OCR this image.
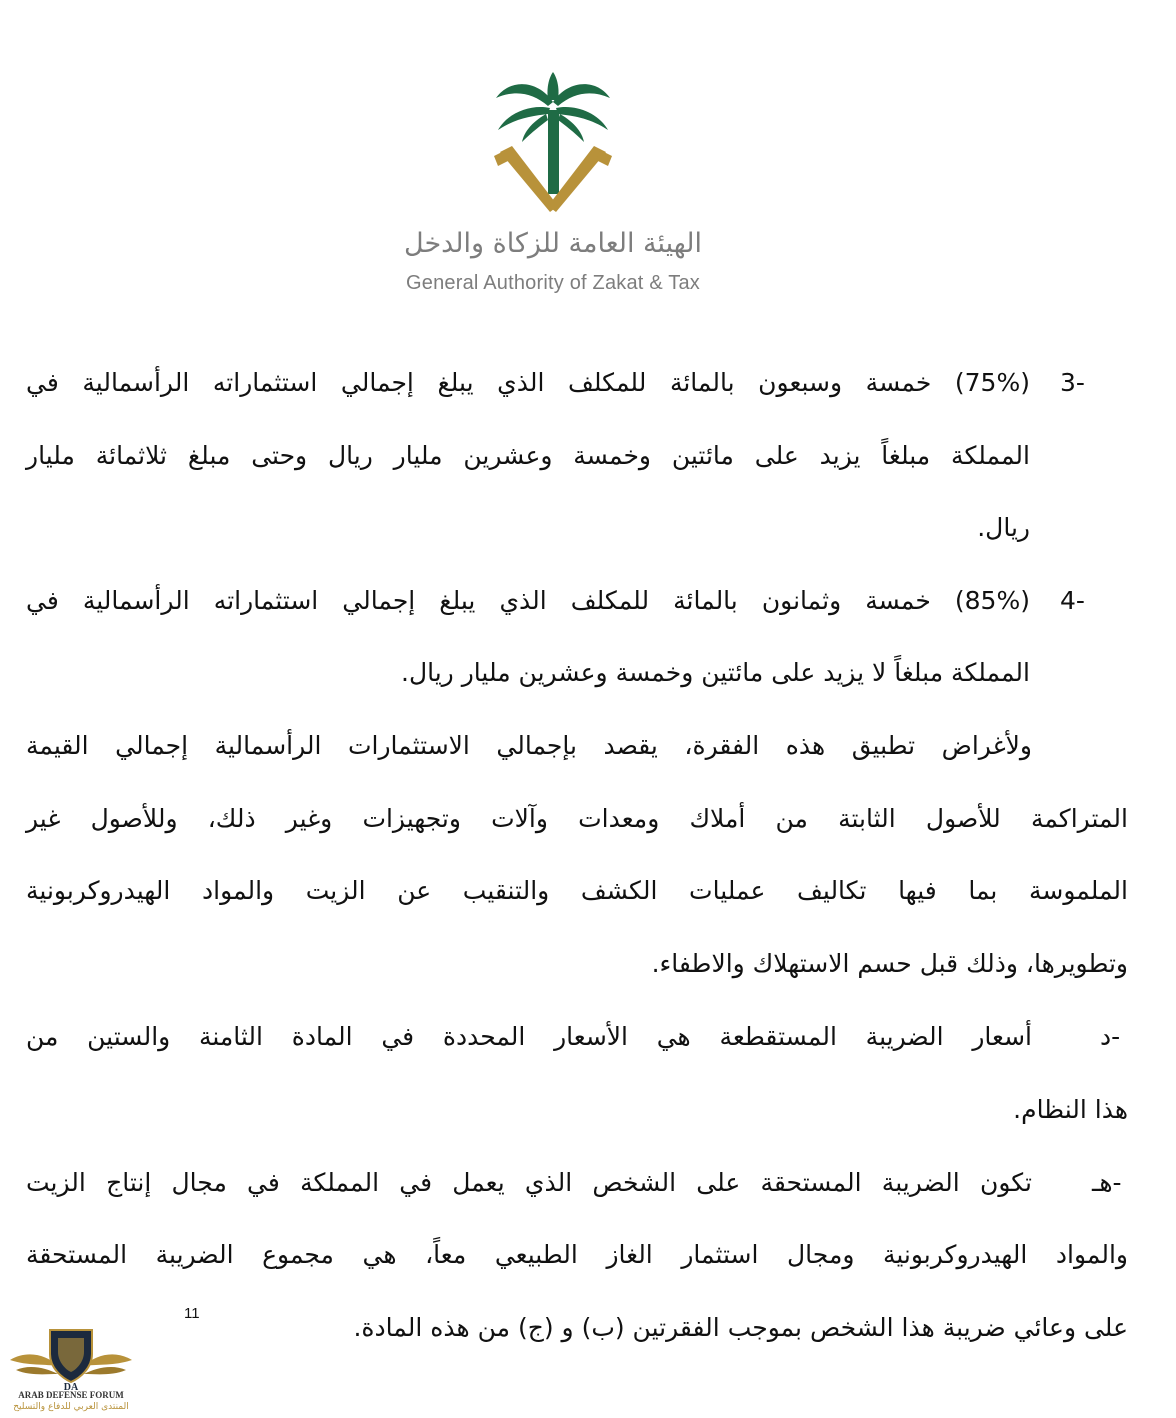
الهيئة العامة للزكاة والدخل
General Authority of Zakat & Tax
3-
(75%) خمسة وسبعون بالمائة للمكلف الذي يبلغ إجمالي استثماراته الرأسمالية في
المملكة مبلغاً يزيد على مائتين وخمسة وعشرين مليار ريال وحتى مبلغ ثلاثمائة مليار
ريال.
4-
(85%) خمسة وثمانون بالمائة للمكلف الذي يبلغ إجمالي استثماراته الرأسمالية في
المملكة مبلغاً لا يزيد على مائتين وخمسة وعشرين مليار ريال.
ولأغراض تطبيق هذه الفقرة، يقصد بإجمالي الاستثمارات الرأسمالية إجمالي القيمة
المتراكمة للأصول الثابتة من أملاك ومعدات وآلات وتجهيزات وغير ذلك، وللأصول غير
الملموسة بما فيها تكاليف عمليات الكشف والتنقيب عن الزيت والمواد الهيدروكربونية
وتطويرها، وذلك قبل حسم الاستهلاك والاطفاء.
د-
أسعار الضريبة المستقطعة هي الأسعار المحددة في المادة الثامنة والستين من
هذا النظام.
هـ-
تكون الضريبة المستحقة على الشخص الذي يعمل في المملكة في مجال إنتاج الزيت
والمواد الهيدروكربونية ومجال استثمار الغاز الطبيعي معاً، هي مجموع الضريبة المستحقة
على وعائي ضريبة هذا الشخص بموجب الفقرتين (ب) و (ج) من هذه المادة.
11
DA
ARAB DEFENSE FORUM
المنتدى العربي للدفاع والتسليح
